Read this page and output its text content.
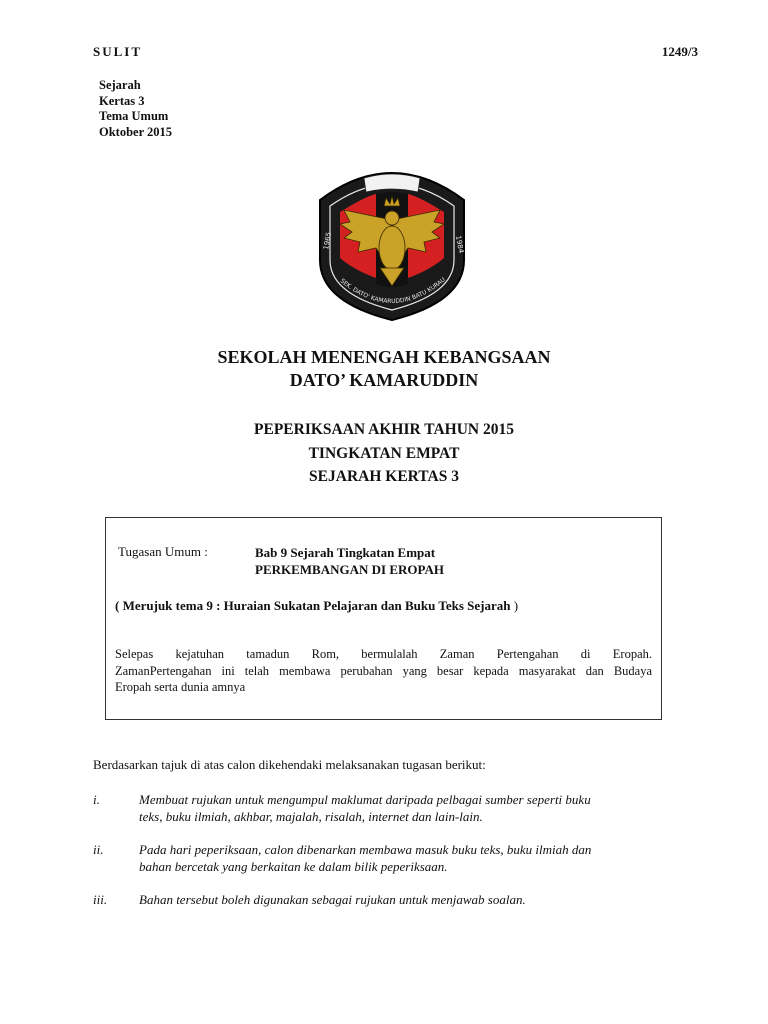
SULIT	1249/3
Sejarah
Kertas 3
Tema Umum
Oktober 2015
1965	1984
SEK. DATO' KAMARUDDIN BATU KURAU
SEKOLAH MENENGAH KEBANGSAAN
DATO’ KAMARUDDIN
PEPERIKSAAN AKHIR TAHUN 2015
TINGKATAN EMPAT
SEJARAH KERTAS 3
Tugasan Umum :	Bab 9 Sejarah Tingkatan Empat
PERKEMBANGAN DI EROPAH
( Merujuk tema 9 : Huraian Sukatan Pelajaran dan Buku Teks Sejarah )
Selepas kejatuhan tamadun Rom, bermulalah Zaman Pertengahan di Eropah.
ZamanPertengahan ini telah membawa perubahan yang besar kepada masyarakat dan Budaya
Eropah serta dunia amnya
Berdasarkan tajuk di atas calon dikehendaki melaksanakan tugasan berikut:
i.	Membuat rujukan untuk mengumpul maklumat daripada pelbagai sumber seperti buku
teks, buku ilmiah, akhbar, majalah, risalah, internet dan lain-lain.
ii.	Pada hari peperiksaan, calon dibenarkan membawa masuk buku teks, buku ilmiah dan
bahan bercetak yang berkaitan ke dalam bilik peperiksaan.
iii. Bahan tersebut boleh digunakan sebagai rujukan untuk menjawab soalan.
